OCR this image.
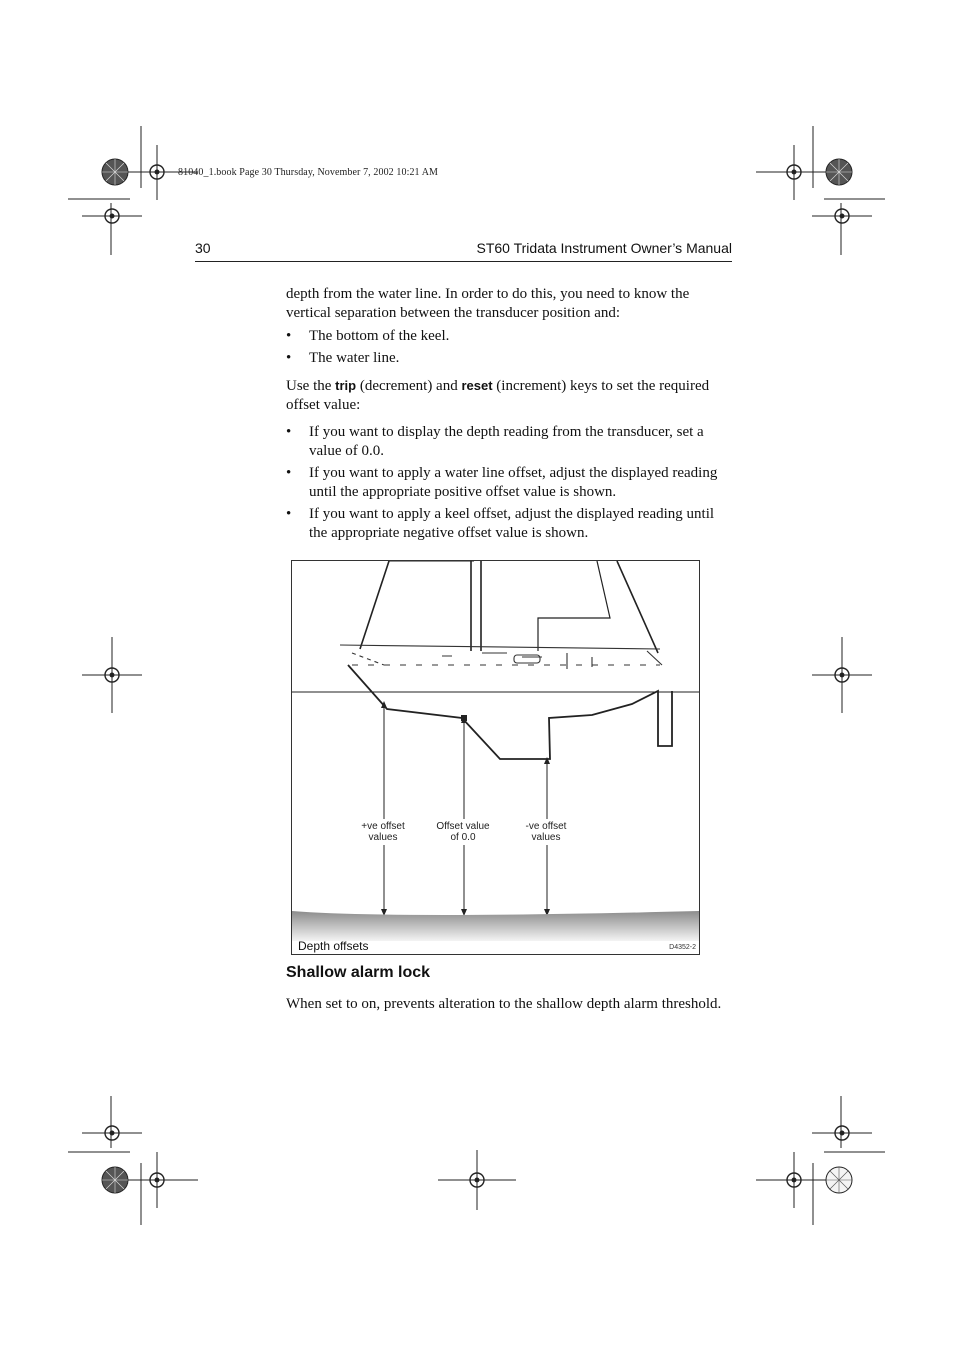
81040_1.book Page 30 Thursday, November 7, 2002 10:21 AM
30	ST60 Tridata Instrument Owner’s Manual

depth from the water line. In order to do this, you need to know the vertical separation between the transducer position and:

• The bottom of the keel.
• The water line.

Use the trip (decrement) and reset (increment) keys to set the required offset value:

• If you want to display the depth reading from the transducer, set a value of 0.0.
• If you want to apply a water line offset, adjust the displayed reading until the appropriate positive offset value is shown.
• If you want to apply a keel offset, adjust the displayed reading until the appropriate negative offset value is shown.
+ve offset
values
Offset value
of 0.0
-ve offset
values
Depth offsets	D4352-2
Shallow alarm lock

When set to on, prevents alteration to the shallow depth alarm threshold.
